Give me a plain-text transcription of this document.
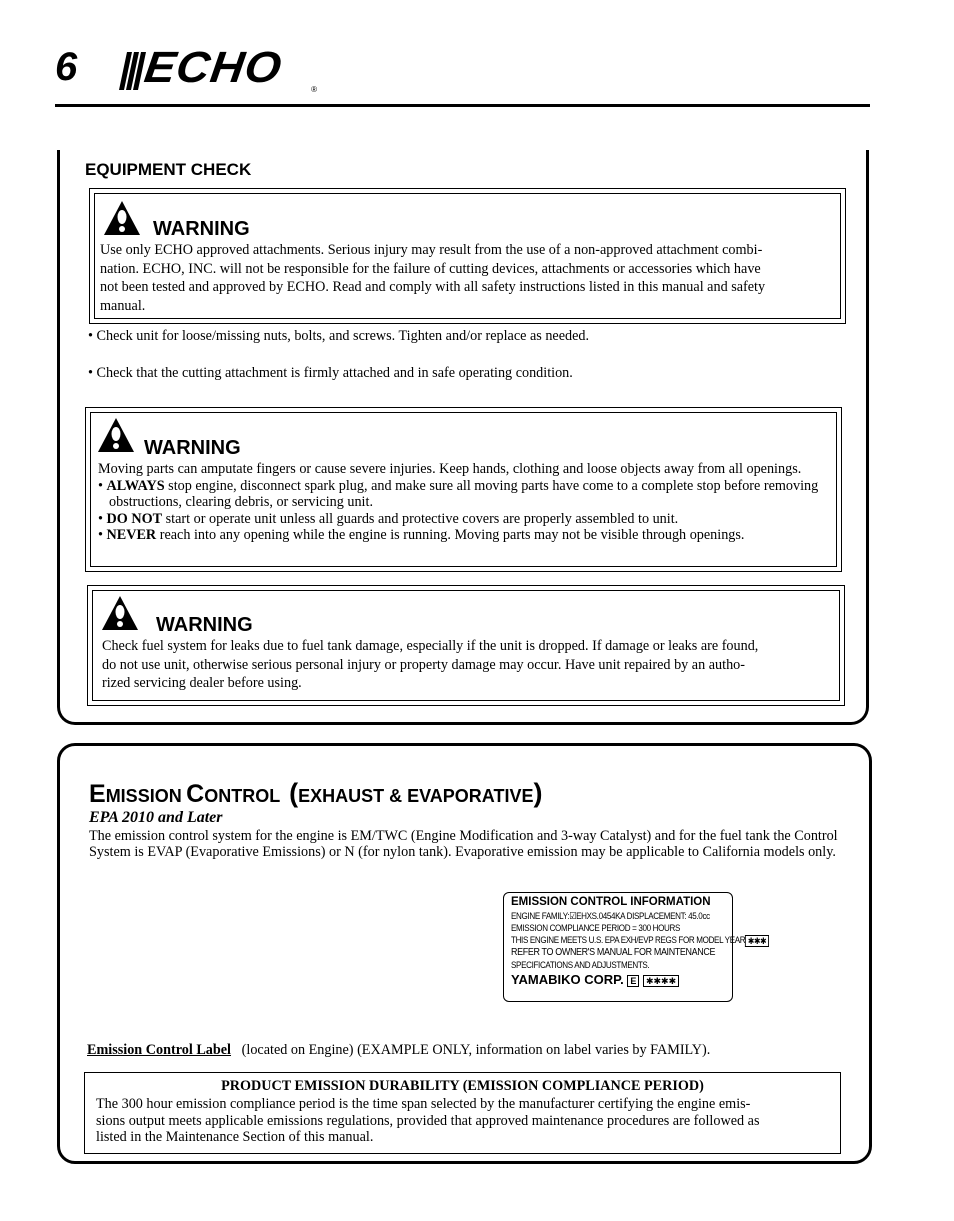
6 ECHO	®
EQUIPMENT CHECK
WARNING

Use only ECHO approved attachments. Serious injury may result from the use of a non-approved attachment combi-

nation. ECHO, INC. will not be responsible for the failure of cutting devices, attachments or accessories which have

not been tested and approved by ECHO. Read and comply with all safety instructions listed in this manual and safety

manual.

• Check unit for loose/missing nuts, bolts, and screws. Tighten and/or replace as needed.
• Check that the cutting attachment is firmly attached and in safe operating condition.
WARNING

Moving parts can amputate fingers or cause severe injuries. Keep hands, clothing and loose objects away from all openings.

• ALWAYS stop engine, disconnect spark plug, and make sure all moving parts have come to a complete stop before removing obstructions, clearing debris, or servicing unit.

• DO NOT start or operate unit unless all guards and protective covers are properly assembled to unit.

• NEVER reach into any opening while the engine is running. Moving parts may not be visible through openings.

WARNING

Check fuel system for leaks due to fuel tank damage, especially if the unit is dropped. If damage or leaks are found,

do not use unit, otherwise serious personal injury or property damage may occur. Have unit repaired by an autho-

rized servicing dealer before using.

EMISSION CONTROL (EXHAUST & EVAPORATIVE)
EPA 2010 and Later
The emission control system for the engine is EM/TWC (Engine Modification and 3-way Catalyst) and for the fuel tank the Control System is EVAP (Evaporative Emissions) or N (for nylon tank). Evaporative emission may be applicable to California models only.
EMISSION CONTROL INFORMATION
ENGINE FAMILY:☑EHXS.0454KA DISPLACEMENT: 45.0cc
EMISSION COMPLIANCE PERIOD = 300 HOURS
THIS ENGINE MEETS U.S. EPA EXH/EVP REGS FOR MODEL YEAR ✱✱✱
REFER TO OWNER'S MANUAL FOR MAINTENANCE
SPECIFICATIONS AND ADJUSTMENTS.
YAMABIKO CORP. E ✱✱✱✱
Emission Control Label (located on Engine) (EXAMPLE ONLY, information on label varies by FAMILY).
PRODUCT EMISSION DURABILITY (EMISSION COMPLIANCE PERIOD)
The 300 hour emission compliance period is the time span selected by the manufacturer certifying the engine emis-
sions output meets applicable emissions regulations, provided that approved maintenance procedures are followed as
listed in the Maintenance Section of this manual.
